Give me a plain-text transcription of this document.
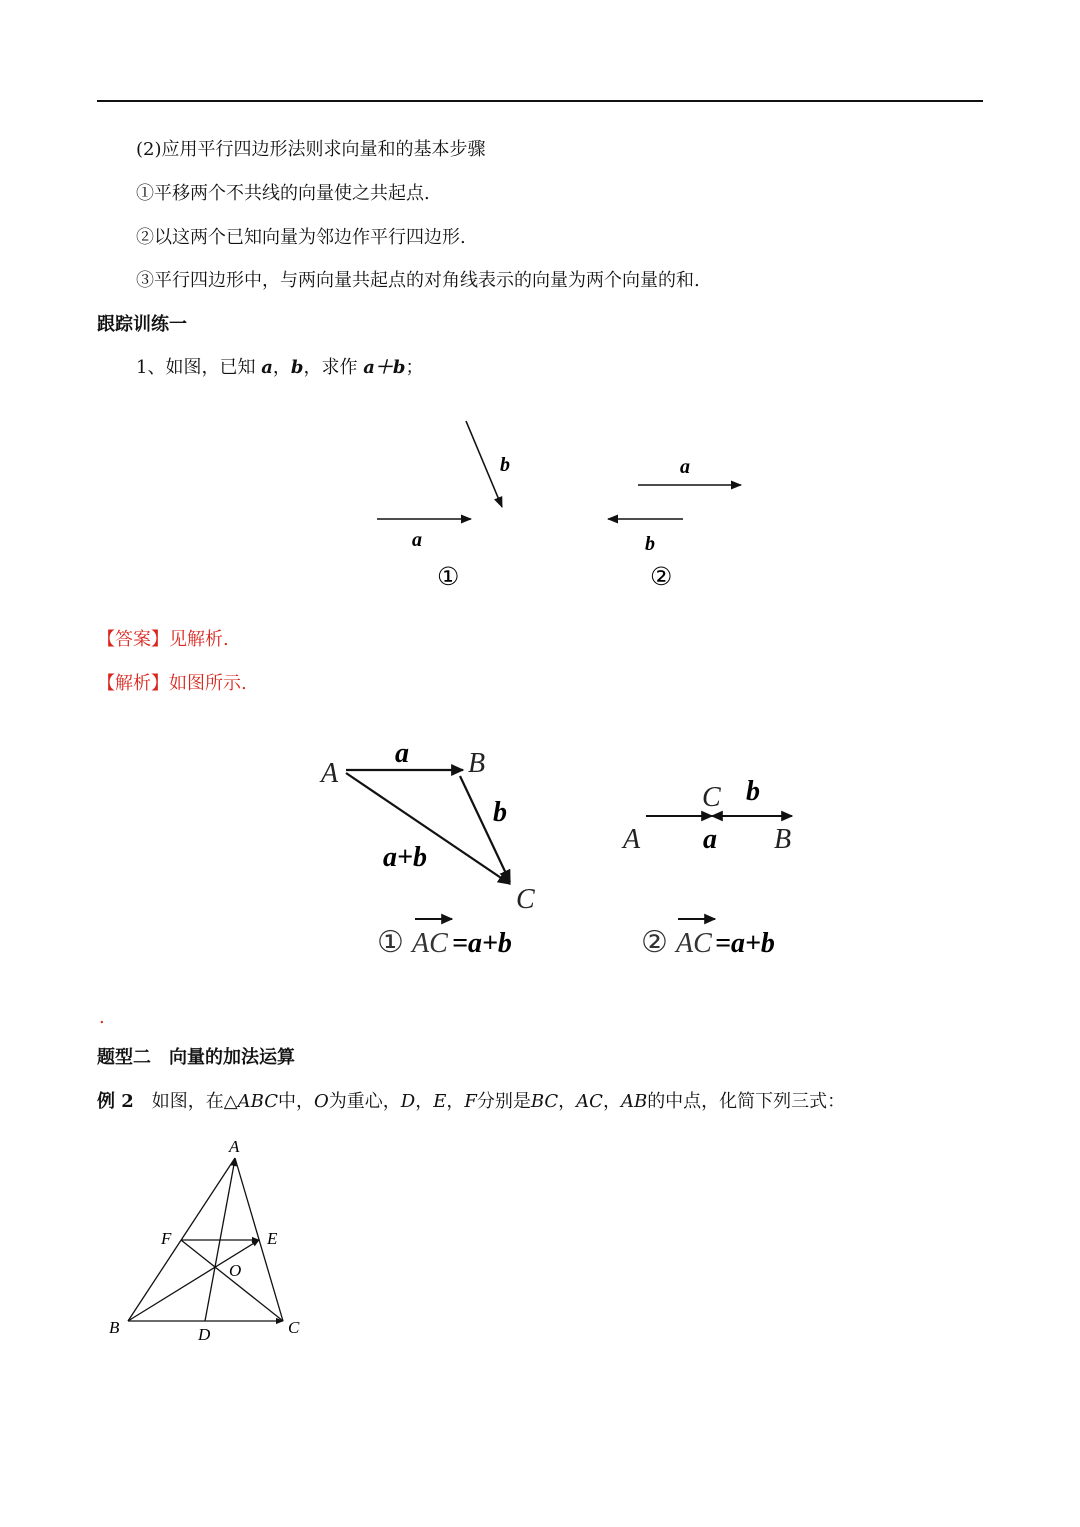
(2)应用平行四边形法则求向量和的基本步骤
①平移两个不共线的向量使之共起点.
②以这两个已知向量为邻边作平行四边形.
③平行四边形中，与两向量共起点的对角线表示的向量为两个向量的和.
跟踪训练一
1、如图，已知 a，b，求作 a＋b；
a
b
①
a
b
②
【答案】见解析.
【解析】如图所示.
A	B
C
a
b
a+b
A	B
C
a
b
① AC =a+b	② AC =a+b
.
题型二　向量的加法运算
例 2　 如图，在△ABC中，O为重心，D，E，F分别是BC，AC，AB的中点，化简下列三式：
A
B	C
D
E
F
O
